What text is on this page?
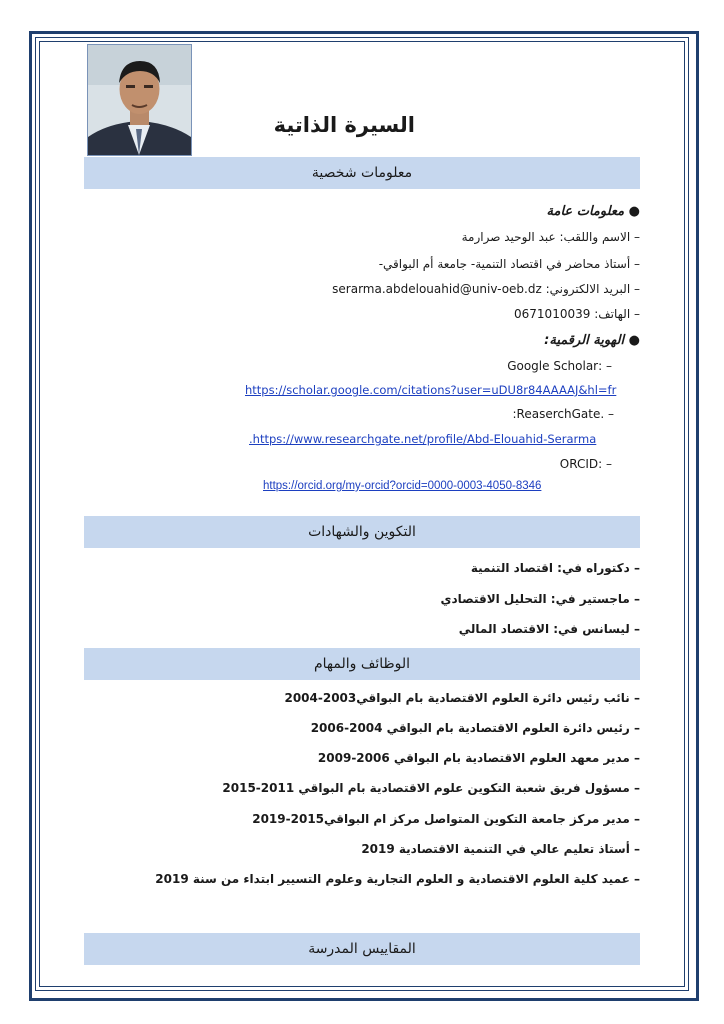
السيرة الذاتية
معلومات شخصية
● معلومات عامة
– الاسم واللقب: عبد الوحيد صرارمة
– أستاذ محاضر في اقتصاد التنمية- جامعة أم البواقي-
– البريد الالكتروني: serarma.abdelouahid@univ-oeb.dz
– الهاتف: 0671010039
● الهوية الرقمية:
– :Google Scholar
https://scholar.google.com/citations?user=uDU8r84AAAAJ&hl=fr
– .ReaserchGate:
.https://www.researchgate.net/profile/Abd-Elouahid-Serarma
– :ORCID
https://orcid.org/my-orcid?orcid=0000-0003-4050-8346
التكوين والشهادات
– دكتوراه في: اقتصاد التنمية
– ماجستير في: التحليل الاقتصادي
– ليسانس في: الاقتصاد المالي
الوظائف والمهام
– نائب رئيس دائرة العلوم الاقتصادية بام البواقي2003-2004
– رئيس دائرة العلوم الاقتصادية بام البواقي 2004-2006
– مدير معهد العلوم الاقتصادية بام البواقي 2006-2009
– مسؤول فريق شعبة التكوين علوم الاقتصادية بام البواقي 2011-2015
– مدير مركز جامعة التكوين المتواصل مركز ام البواقي2015-2019
– أستاذ تعليم عالي في التنمية الاقتصادية 2019
– عميد كلية العلوم الاقتصادية و العلوم التجارية وعلوم التسيير ابتداء من سنة 2019
المقاييس المدرسة
